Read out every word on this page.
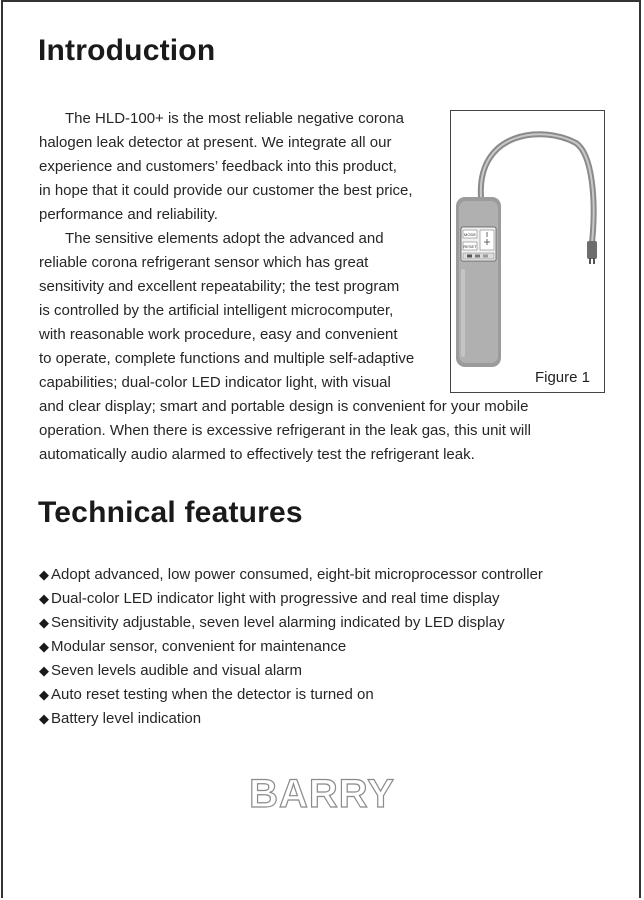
Introduction

The HLD-100+ is the most reliable negative corona

halogen leak detector at present. We integrate all our

experience and customers’ feedback into this product,

in hope that it could provide our customer the best price,

performance and reliability.

The sensitive elements adopt the advanced and

reliable corona refrigerant sensor which has great

sensitivity and excellent repeatability; the test program

is controlled by the artificial intelligent microcomputer,

with reasonable work procedure, easy and convenient

to operate, complete functions and multiple self-adaptive

capabilities; dual-color LED indicator light, with visual

and clear display; smart and portable design is convenient for your mobile

operation. When there is excessive refrigerant in the leak gas, this unit will

automatically audio alarmed to effectively test the refrigerant leak.

MODE
RESET
Figure 1
Technical features

◆ Adopt advanced, low power consumed, eight-bit microprocessor controller

◆ Dual-color LED indicator light with progressive and real time display

◆ Sensitivity adjustable, seven level alarming indicated by LED display

◆ Modular sensor, convenient for maintenance

◆ Seven levels audible and visual alarm

◆ Auto reset testing when the detector is turned on

◆ Battery level indication

BARRY
